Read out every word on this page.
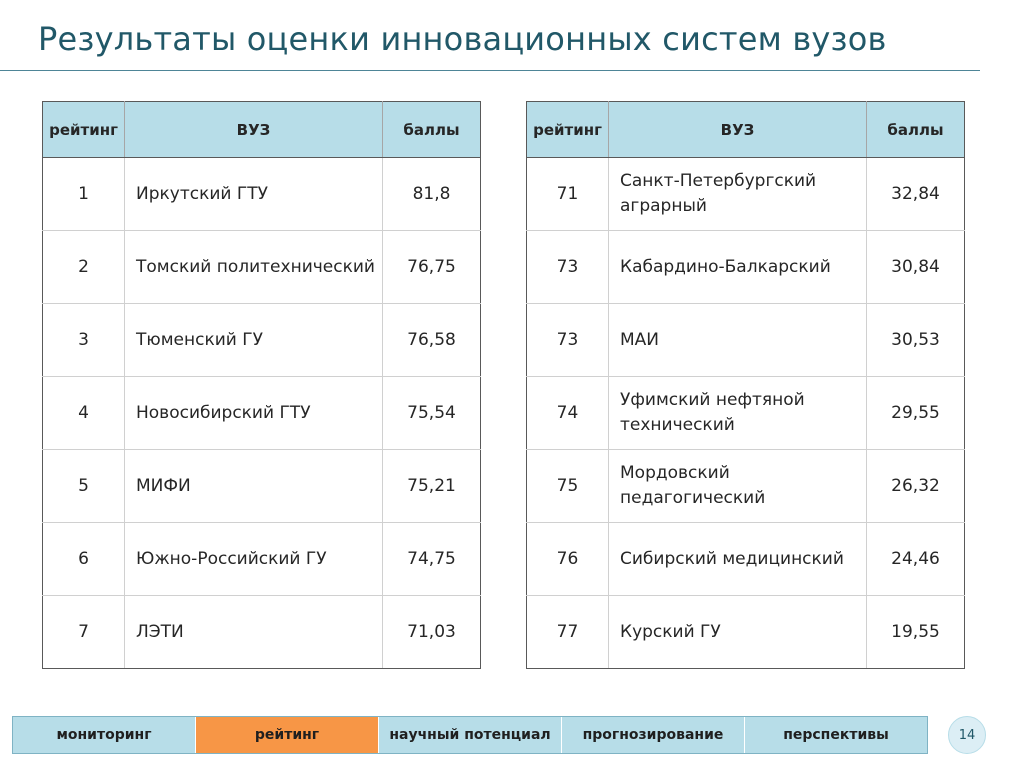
Результаты оценки инновационных систем вузов
рейтинг	ВУЗ	баллы
1	Иркутский ГТУ	81,8
2	Томский политехнический	76,75
3	Тюменский ГУ	76,58
4	Новосибирский ГТУ	75,54
5	МИФИ	75,21
6	Южно-Российский ГУ	74,75
7	ЛЭТИ	71,03
рейтинг	ВУЗ	баллы
71	Санкт-Петербургский аграрный	32,84
73	Кабардино-Балкарский	30,84
73	МАИ	30,53
74	Уфимский нефтяной технический	29,55
75	Мордовский педагогический	26,32
76	Сибирский медицинский	24,46
77	Курский ГУ	19,55
мониторинг	рейтинг	научный потенциал	прогнозирование	перспективы	14
